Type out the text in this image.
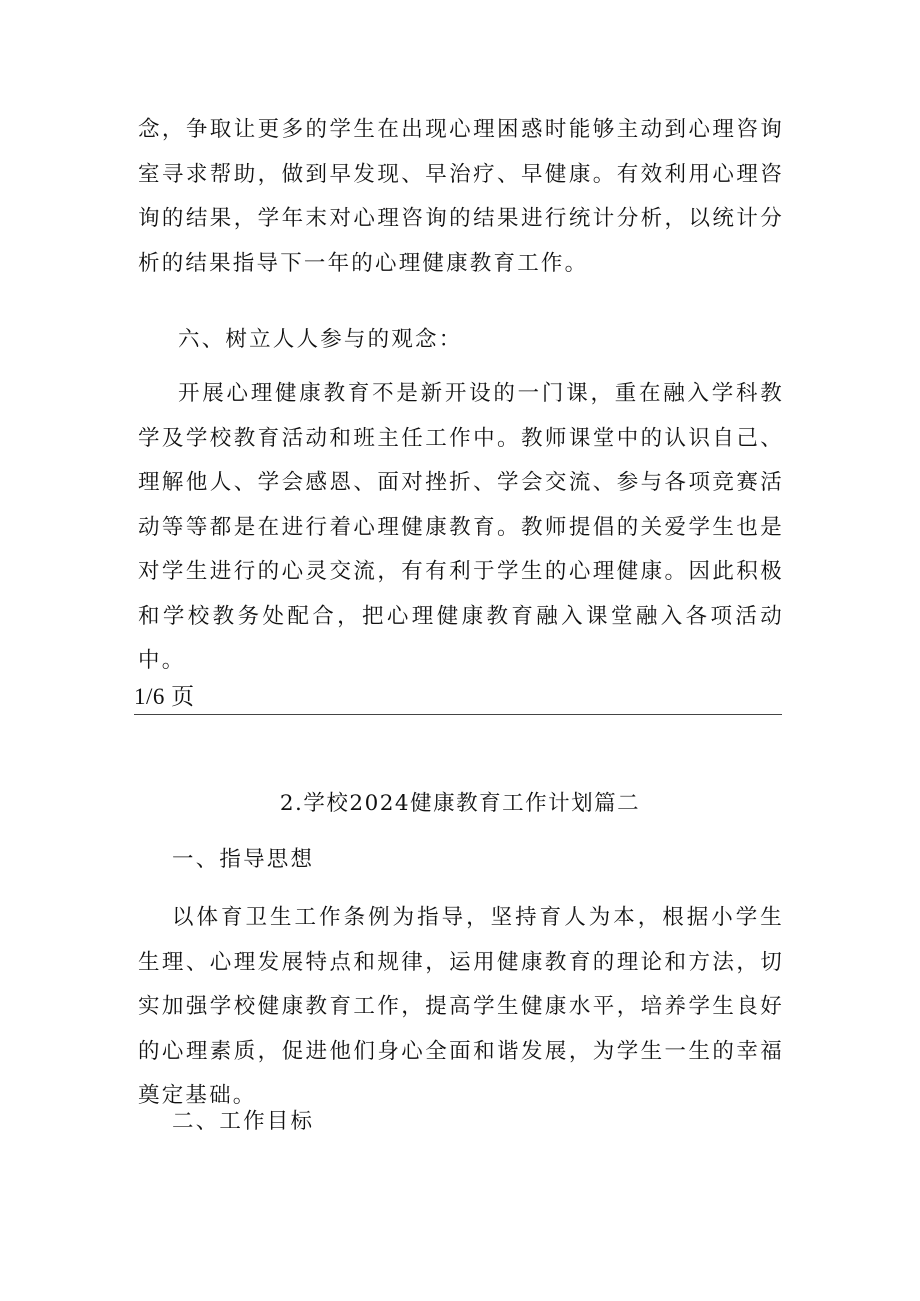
念，争取让更多的学生在出现心理困惑时能够主动到心理咨询室寻求帮助，做到早发现、早治疗、早健康。有效利用心理咨询的结果，学年末对心理咨询的结果进行统计分析，以统计分析的结果指导下一年的心理健康教育工作。

六、树立人人参与的观念：

开展心理健康教育不是新开设的一门课，重在融入学科教学及学校教育活动和班主任工作中。教师课堂中的认识自己、理解他人、学会感恩、面对挫折、学会交流、参与各项竞赛活动等等都是在进行着心理健康教育。教师提倡的关爱学生也是对学生进行的心灵交流，有有利于学生的心理健康。因此积极和学校教务处配合，把心理健康教育融入课堂融入各项活动中。

1/6 页
2.学校2024健康教育工作计划篇二
一、指导思想

以体育卫生工作条例为指导，坚持育人为本，根据小学生生理、心理发展特点和规律，运用健康教育的理论和方法，切实加强学校健康教育工作，提高学生健康水平，培养学生良好的心理素质，促进他们身心全面和谐发展，为学生一生的幸福奠定基础。

二、工作目标
